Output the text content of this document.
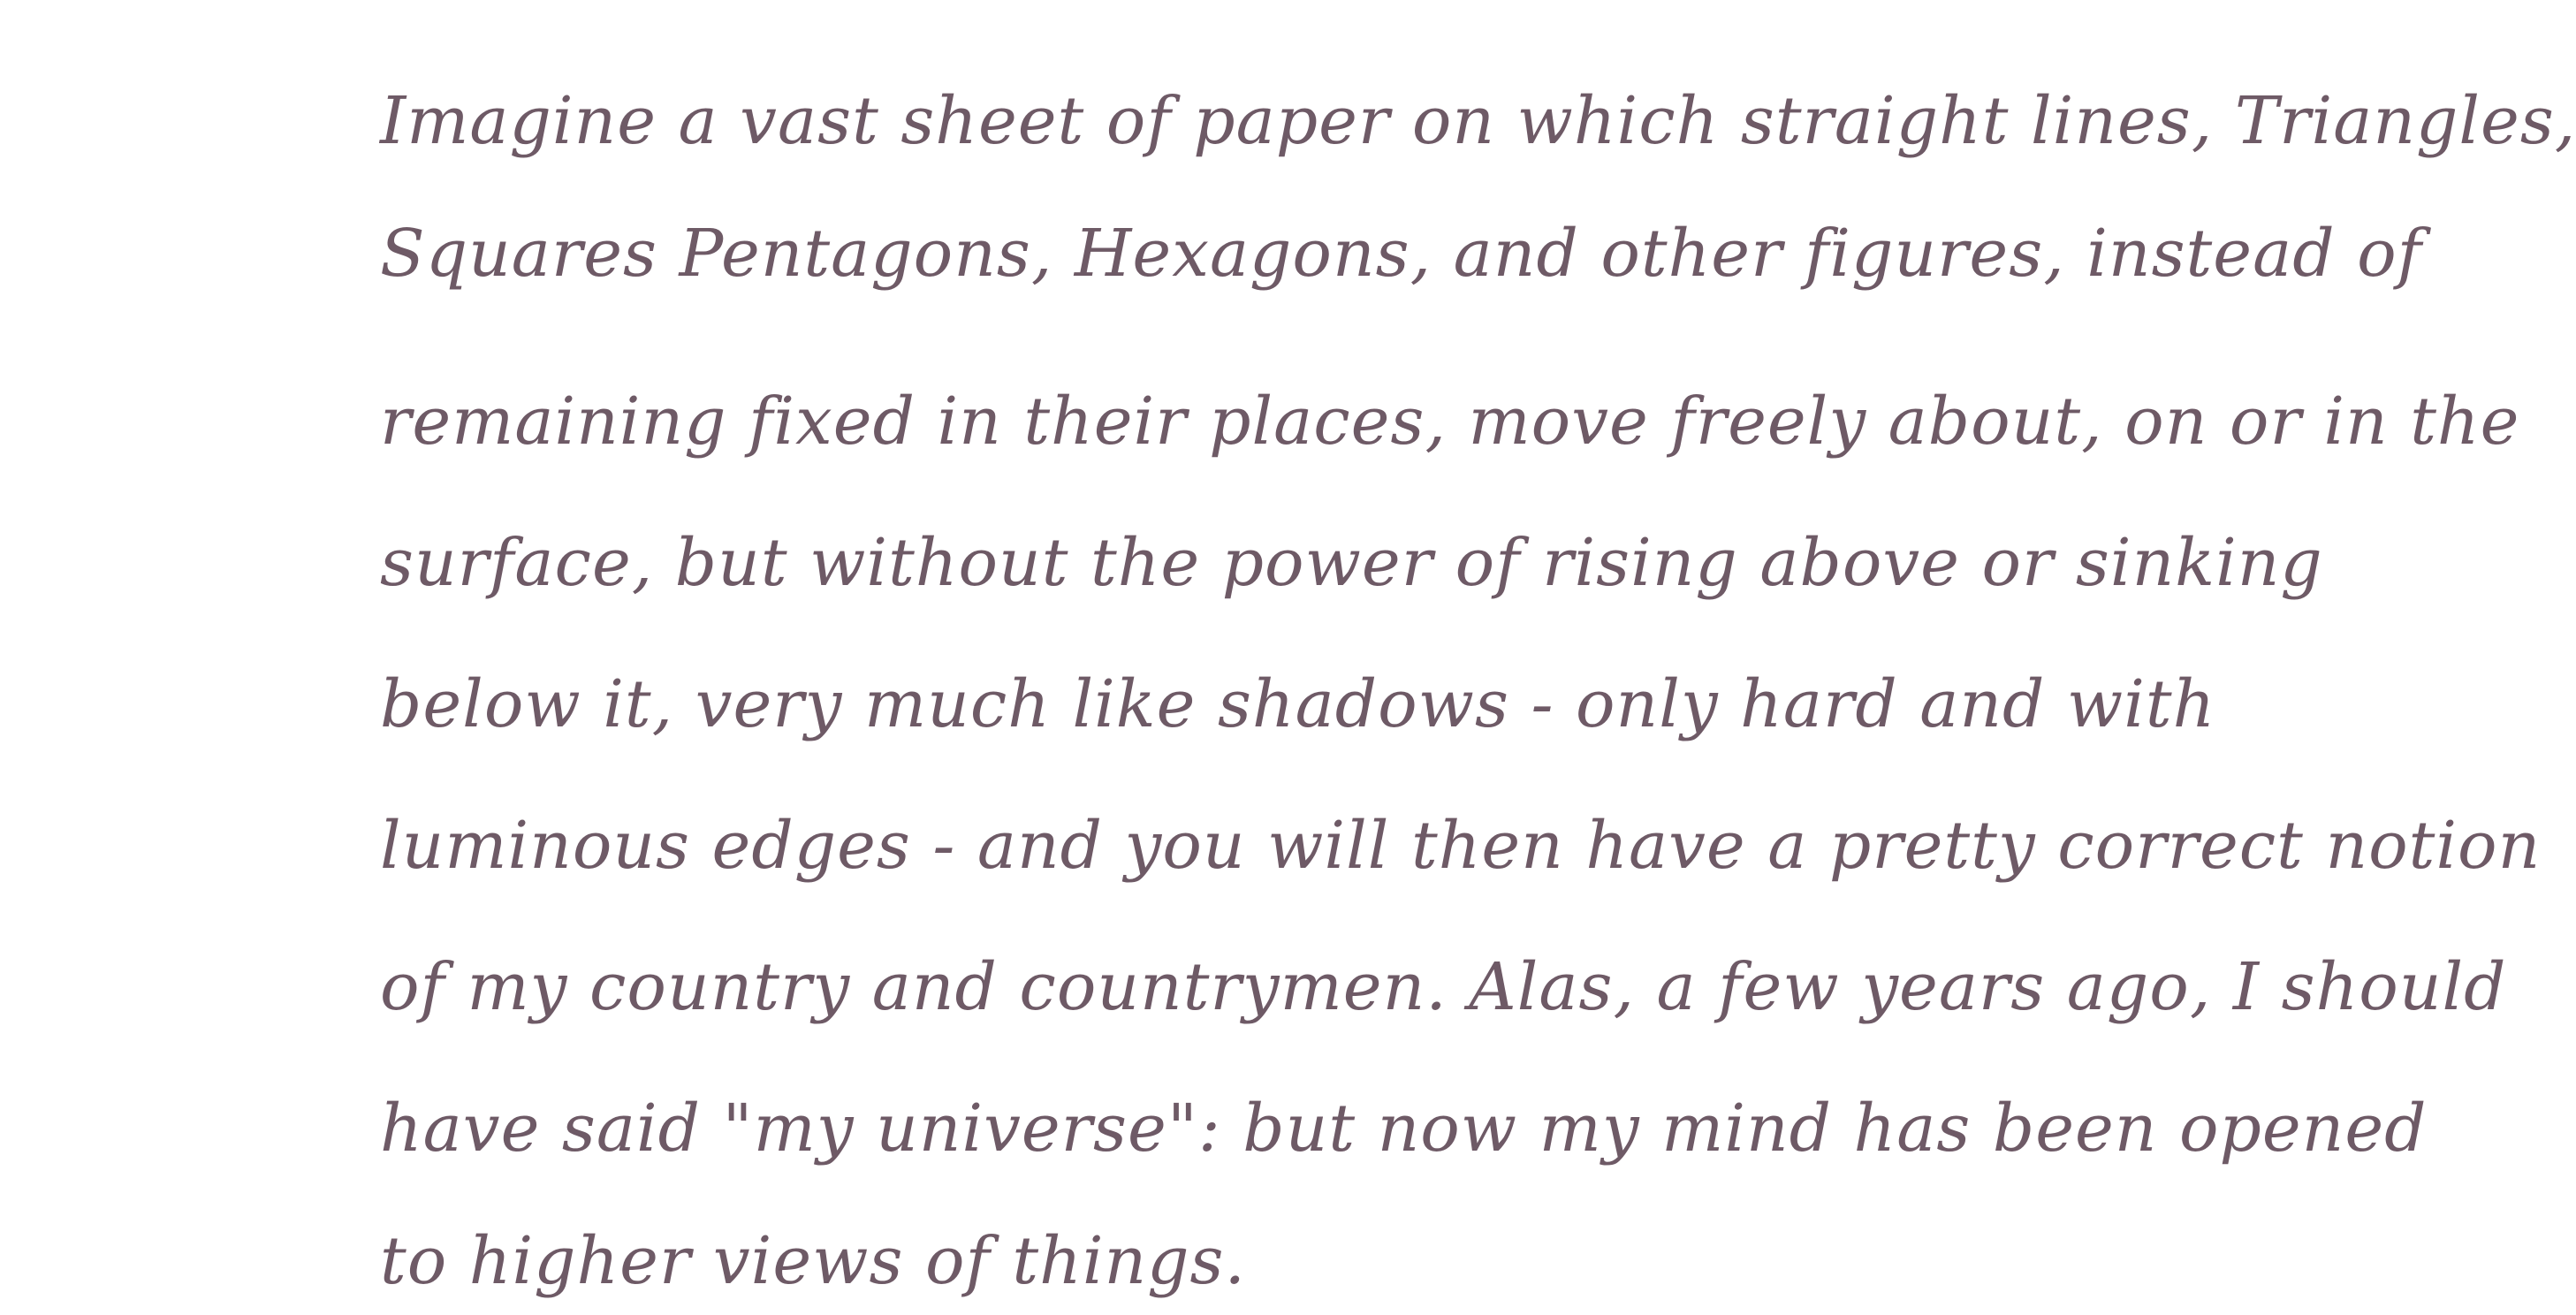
Imagine a vast sheet of paper on which straight lines, Triangles,
Squares Pentagons, Hexagons, and other figures, instead of
remaining fixed in their places, move freely about, on or in the
surface, but without the power of rising above or sinking
below it, very much like shadows - only hard and with
luminous edges - and you will then have a pretty correct notion
of my country and countrymen. Alas, a few years ago, I should
have said "my universe": but now my mind has been opened
to higher views of things.
